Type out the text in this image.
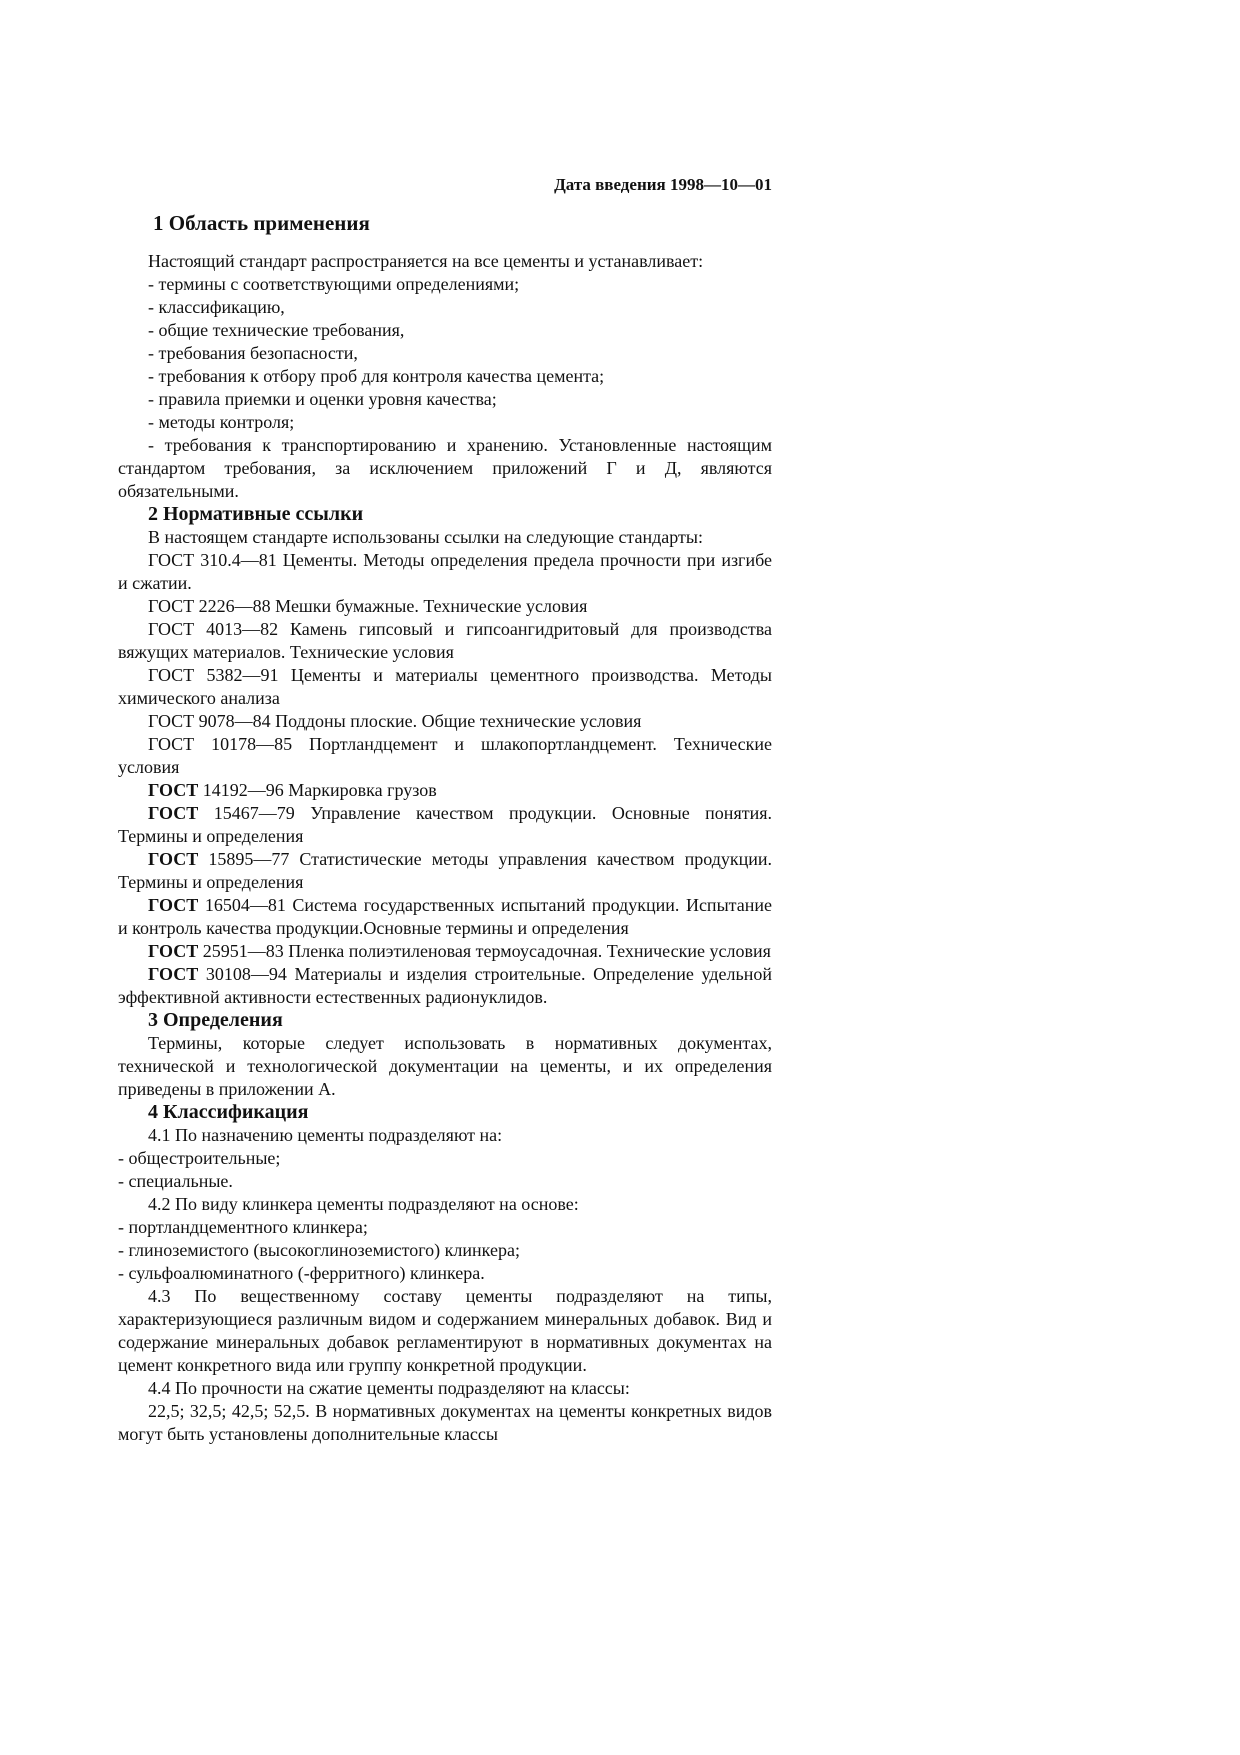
Дата введения 1998—10—01

1 Область применения

Настоящий стандарт распространяется на все цементы и устанавливает:

- термины с соответствующими определениями;

- классификацию,

- общие технические требования,

- требования безопасности,

- требования к отбору проб для контроля качества цемента;

- правила приемки и оценки уровня качества;

- методы контроля;

- требования к транспортированию и хранению. Установленные настоящим стандартом требования, за исключением приложений Г и Д, являются обязательными.

2 Нормативные ссылки

В настоящем стандарте использованы ссылки на следующие стандарты:

ГОСТ 310.4—81 Цементы. Методы определения предела прочности при изгибе и сжатии.

ГОСТ 2226—88 Мешки бумажные. Технические условия

ГОСТ 4013—82 Камень гипсовый и гипсоангидритовый для производства вяжущих материалов. Технические условия

ГОСТ 5382—91 Цементы и материалы цементного производства. Методы химического анализа

ГОСТ 9078—84 Поддоны плоские. Общие технические условия

ГОСТ 10178—85 Портландцемент и шлакопортландцемент. Технические условия

ГОСТ 14192—96 Маркировка грузов

ГОСТ 15467—79 Управление качеством продукции. Основные понятия. Термины и определения

ГОСТ 15895—77 Статистические методы управления качеством продукции. Термины и определения

ГОСТ 16504—81 Система государственных испытаний продукции. Испытание и контроль качества продукции.Основные термины и определения

ГОСТ 25951—83 Пленка полиэтиленовая термоусадочная. Технические условия

ГОСТ 30108—94 Материалы и изделия строительные. Определение удельной эффективной активности естественных радионуклидов.

3 Определения

Термины, которые следует использовать в нормативных документах, технической и технологической документации на цементы, и их определения приведены в приложении А.

4 Классификация

4.1 По назначению цементы подразделяют на:

- общестроительные;

- специальные.

4.2 По виду клинкера цементы подразделяют на основе:

- портландцементного клинкера;

- глиноземистого (высокоглиноземистого) клинкера;

- сульфоалюминатного (-ферритного) клинкера.

4.3 По вещественному составу цементы подразделяют на типы, характеризующиеся различным видом и содержанием минеральных добавок. Вид и содержание минеральных добавок регламентируют в нормативных документах на цемент конкретного вида или группу конкретной продукции.

4.4 По прочности на сжатие цементы подразделяют на классы:

22,5; 32,5; 42,5; 52,5. В нормативных документах на цементы конкретных видов могут быть установлены дополнительные классы
